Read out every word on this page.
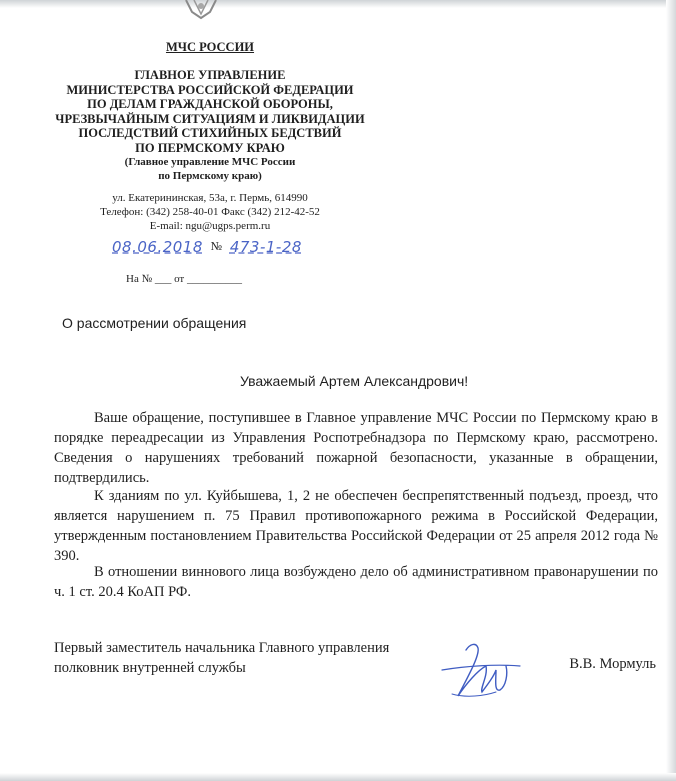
МЧС РОССИИ
ГЛАВНОЕ УПРАВЛЕНИЕ
МИНИСТЕРСТВА РОССИЙСКОЙ ФЕДЕРАЦИИ
ПО ДЕЛАМ ГРАЖДАНСКОЙ ОБОРОНЫ,
ЧРЕЗВЫЧАЙНЫМ СИТУАЦИЯМ И ЛИКВИДАЦИИ
ПОСЛЕДСТВИЙ СТИХИЙНЫХ БЕДСТВИЙ
ПО ПЕРМСКОМУ КРАЮ
(Главное управление МЧС России
по Пермскому краю)
ул. Екатерининская, 53а, г. Пермь, 614990
Телефон: (342) 258-40-01 Факс (342) 212-42-52
E-mail: ngu@ugps.perm.ru
08.06.2018 № 473-1-28
На № ___ от __________
О рассмотрении обращения
Уважаемый Артем Александрович!

Ваше обращение, поступившее в Главное управление МЧС России по Пермскому краю в порядке переадресации из Управления Роспотребнадзора по Пермскому краю, рассмотрено. Сведения о нарушениях требований пожарной безопасности, указанные в обращении, подтвердились.

К зданиям по ул. Куйбышева, 1, 2 не обеспечен беспрепятственный подъезд, проезд, что является нарушением п. 75 Правил противопожарного режима в Российской Федерации, утвержденным постановлением Правительства Российской Федерации от 25 апреля 2012 года № 390.

В отношении виннового лица возбуждено дело об административном правонарушении по ч. 1 ст. 20.4 КоАП РФ.

Первый заместитель начальника Главного управления
полковник внутренней службы	В.В. Мормуль
